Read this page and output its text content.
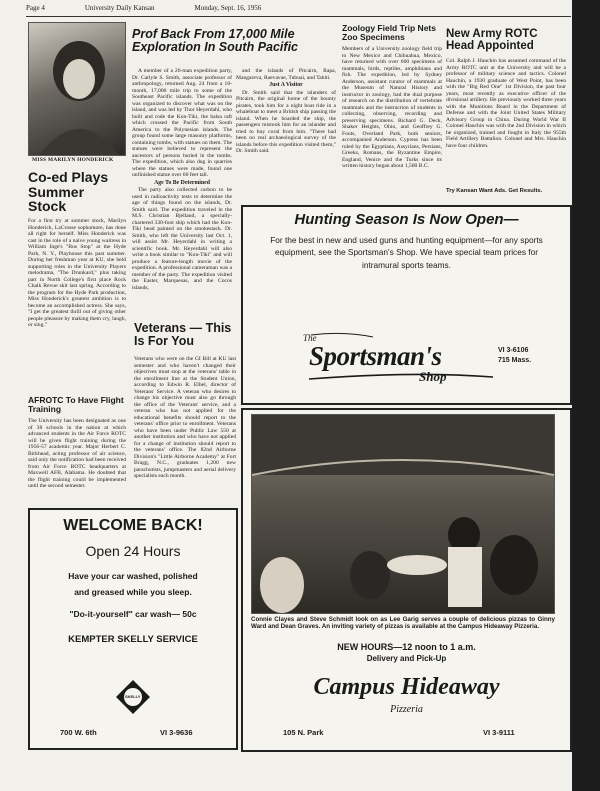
Page 4	University Daily Kansan	Monday, Sept. 16, 1956
MISS MARILYN HONDERICK
Co-ed Plays Summer Stock
For a first try at summer stock, Marilyn Honderick, LaCrosse sophomore, has done all right for herself. Miss Honderick was cast in the role of a naive young waitress in William Inge's "Bus Stop" at the Hyde Park, N. Y., Playhouse this past summer. During her freshman year at KU, she held supporting roles in the University Players melodrama, "The Drunkard," plus taking part in North College's first place Rock Chalk Revue skit last spring. According to the program for the Hyde Park production, Miss Honderick's greatest ambition is to become an accomplished actress. She says, "I get the greatest thrill out of giving other people pleasure by making them cry, laugh, or sing."
AFROTC To Have Flight Training
The University has been designated as one of 38 schools in the nation at which advanced students in the Air Force ROTC will be given flight training during the 1956-57 academic year. Major Herbert C. Birkhead, acting professor of air science, said only the notification had been received from Air Force ROTC headquarters at Maxwell AFB, Alabama. He doubted that the flight training could be implemented until the second semester.
Prof Back From 17,000 Mile Exploration In South Pacific

A member of a 26-man expedition party, Dr. Carlyle S. Smith, associate professor of anthropology, returned Aug. 24 from a 10-month, 17,000 mile trip to some of the Southeast Pacific islands. The expedition was organized to discover what was on the island, and was led by Thor Heyerdahl, who built and rode the Kon-Tiki, the balsa raft which crossed the Pacific from South America to the Polynesian islands. The group found some large masonry platforms, containing tombs, with statues on them. The statues were believed to represent the ancestors of persons buried in the tombs. The expedition, which also dug in quarries where the statues were made, found one unfinished statue over 60 feet tall.

Age To Be Determined

The party also collected carbon to be used in radioactivity tests to determine the age of things found on the islands, Dr. Smith said. The expedition traveled in the M.S. Christian Bjelland, a specially-chartered 330-foot ship which had the Kon-Tiki head painted on the smokestack. Dr. Smith, who left the University last Oct. 1, will assist Mr. Heyerdahl in writing a scientific book. Mr. Heyerdahl will also write a book similar to "Kon-Tiki" and will produce a feature-length movie of the expedition. A professional cameraman was a member of the party. The expedition visited the Easter, Marquesas, and the Cocos islands,

and the islands of Pitcairn, Rapa, Mangareva, Raevavae, Tubuai, and Tahiti.

Just A Visitor

Dr. Smith said that the islanders of Pitcairn, the original home of the bounty pirates, took him for a night boat ride in a whaleboat to meet a British ship passing the island. When he boarded the ship, the passengers mistook him for an islander and tried to buy coral from him. "There had been no real archaeological survey of the islands before this expedition visited them," Dr. Smith said.

Zoology Field Trip Nets Zoo Specimens
Members of a University zoology field trip to New Mexico and Chihuahua, Mexico, have returned with over 600 specimens of mammals, birds, reptiles, amphibians and fish. The expedition, led by Sydney Anderson, assistant curator of mammals at the Museum of Natural History and instructor in zoology, had the dual purpose of research on the distribution of vertebrate mammals and the instruction of students in collecting, observing, recording and preserving specimens. Richard G. Deck, Shaker Heights, Ohio, and Geoffrey G. Fouts, Overland Park, both seniors, accompanied Anderson. Cypress has been ruled by the Egyptians, Assyrians, Persians, Greeks, Romans, the Byzantine Empire, England, Venice and the Turks since its written history began about 1,500 B.C.
New Army ROTC Head Appointed
Col. Ralph J. Hauchin has assumed command of the Army ROTC unit at the University and will be a professor of military science and tactics. Colonel Hauchin, a 1930 graduate of West Point, has been with the "Big Red One" 1st Division, the past four years, most recently as executive officer of the divisional artillery. He previously worked three years with the Munitions Board in the Department of Defense and with the Joint United States Military Advisory Group in China. During World War II Colonel Hauchin was with the 2nd Division in which he organized, trained and fought in Italy the 955th Field Artillery Battalion. Colonel and Mrs. Hauchin have four children.
Try Kansan Want Ads. Get Results.
Hunting Season Is Now Open—
For the best in new and used guns and hunting equipment—for any sports equipment, see the Sportsman's Shop. We have special team prices for intramural sports teams.
The
Sportsman's
Shop
VI 3-6106
715 Mass.
Veterans — This Is For You
Veterans who were on the GI Bill at KU last semester and who haven't changed their objectives must stop at the veterans' table in the enrollment line at the Student Union, according to Edwin R. Elbel, director of Veterans' Service. A veteran who desires to change his objective must also go through the office of the Veterans' service, and a veteran who has not applied for the educational benefits should report to the veterans' office prior to enrollment. Veterans who have been under Public Law 550 at another institution and who have not applied for a change of institution should report to the veterans' office. The 82nd Airborne Division's "Little Airborne Academy" at Fort Bragg, N.C., graduates 1,200 new parachutists, jumpmasters and aerial delivery specialists each month.
WELCOME BACK!
Open 24 Hours
Have your car washed, polished
and greased while you sleep.
"Do-it-yourself" car wash— 50c
KEMPTER SKELLY SERVICE
SKELLY
700 W. 6th	VI 3-9636
Connie Clayes and Steve Schmidt look on as Lee Garig serves a couple of delicious pizzas to Ginny Ward and Dean Graves. An inviting variety of pizzas is available at the Campus Hideaway Pizzeria.
NEW HOURS—12 noon to 1 a.m.
Delivery and Pick-Up
Campus Hideaway
Pizzeria
105 N. Park	VI 3-9111
